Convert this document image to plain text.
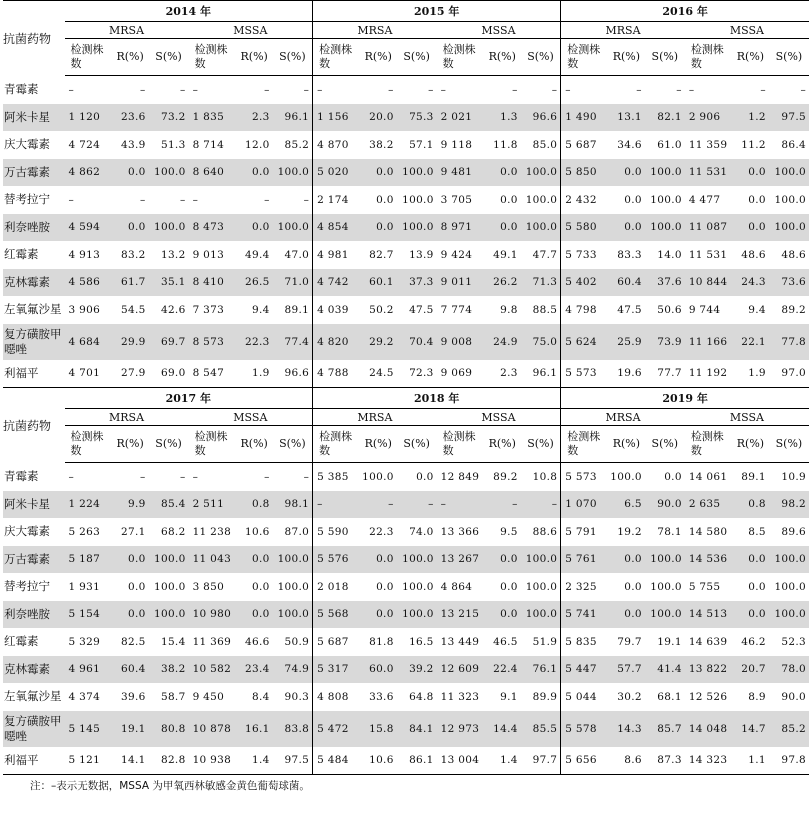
抗菌药物	2014 年						2015 年						2016 年					
	MRSA			MSSA			MRSA			MSSA			MRSA			MSSA		
	检测株数	R(%)	S(%)	检测株数	R(%)	S(%)	检测株数	R(%)	S(%)	检测株数	R(%)	S(%)	检测株数	R(%)	S(%)	检测株数	R(%)	S(%)
青霉素	–	–	–	–	–	–	–	–	–	–	–	–	–	–	–	–	–	–
阿米卡星	1 120	23.6	73.2	1 835	2.3	96.1	1 156	20.0	75.3	2 021	1.3	96.6	1 490	13.1	82.1	2 906	1.2	97.5
庆大霉素	4 724	43.9	51.3	8 714	12.0	85.2	4 870	38.2	57.1	9 118	11.8	85.0	5 687	34.6	61.0	11 359	11.2	86.4
万古霉素	4 862	0.0	100.0	8 640	0.0	100.0	5 020	0.0	100.0	9 481	0.0	100.0	5 850	0.0	100.0	11 531	0.0	100.0
替考拉宁	–	–	–	–	–	–	2 174	0.0	100.0	3 705	0.0	100.0	2 432	0.0	100.0	4 477	0.0	100.0
利奈唑胺	4 594	0.0	100.0	8 473	0.0	100.0	4 854	0.0	100.0	8 971	0.0	100.0	5 580	0.0	100.0	11 087	0.0	100.0
红霉素	4 913	83.2	13.2	9 013	49.4	47.0	4 981	82.7	13.9	9 424	49.1	47.7	5 733	83.3	14.0	11 531	48.6	48.6
克林霉素	4 586	61.7	35.1	8 410	26.5	71.0	4 742	60.1	37.3	9 011	26.2	71.3	5 402	60.4	37.6	10 844	24.3	73.6
左氧氟沙星	3 906	54.5	42.6	7 373	9.4	89.1	4 039	50.2	47.5	7 774	9.8	88.5	4 798	47.5	50.6	9 744	9.4	89.2
复方磺胺甲噁唑	4 684	29.9	69.7	8 573	22.3	77.4	4 820	29.2	70.4	9 008	24.9	75.0	5 624	25.9	73.9	11 166	22.1	77.8
利福平	4 701	27.9	69.0	8 547	1.9	96.6	4 788	24.5	72.3	9 069	2.3	96.1	5 573	19.6	77.7	11 192	1.9	97.0
抗菌药物	2017 年						2018 年						2019 年					
	MRSA			MSSA			MRSA			MSSA			MRSA			MSSA		
	检测株数	R(%)	S(%)	检测株数	R(%)	S(%)	检测株数	R(%)	S(%)	检测株数	R(%)	S(%)	检测株数	R(%)	S(%)	检测株数	R(%)	S(%)
青霉素	–	–	–	–	–	–	5 385	100.0	0.0	12 849	89.2	10.8	5 573	100.0	0.0	14 061	89.1	10.9
阿米卡星	1 224	9.9	85.4	2 511	0.8	98.1	–	–	–	–	–	–	1 070	6.5	90.0	2 635	0.8	98.2
庆大霉素	5 263	27.1	68.2	11 238	10.6	87.0	5 590	22.3	74.0	13 366	9.5	88.6	5 791	19.2	78.1	14 580	8.5	89.6
万古霉素	5 187	0.0	100.0	11 043	0.0	100.0	5 576	0.0	100.0	13 267	0.0	100.0	5 761	0.0	100.0	14 536	0.0	100.0
替考拉宁	1 931	0.0	100.0	3 850	0.0	100.0	2 018	0.0	100.0	4 864	0.0	100.0	2 325	0.0	100.0	5 755	0.0	100.0
利奈唑胺	5 154	0.0	100.0	10 980	0.0	100.0	5 568	0.0	100.0	13 215	0.0	100.0	5 741	0.0	100.0	14 513	0.0	100.0
红霉素	5 329	82.5	15.4	11 369	46.6	50.9	5 687	81.8	16.5	13 449	46.5	51.9	5 835	79.7	19.1	14 639	46.2	52.3
克林霉素	4 961	60.4	38.2	10 582	23.4	74.9	5 317	60.0	39.2	12 609	22.4	76.1	5 447	57.7	41.4	13 822	20.7	78.0
左氧氟沙星	4 374	39.6	58.7	9 450	8.4	90.3	4 808	33.6	64.8	11 323	9.1	89.9	5 044	30.2	68.1	12 526	8.9	90.0
复方磺胺甲噁唑	5 145	19.1	80.8	10 878	16.1	83.8	5 472	15.8	84.1	12 973	14.4	85.5	5 578	14.3	85.7	14 048	14.7	85.2
利福平	5 121	14.1	82.8	10 938	1.4	97.5	5 484	10.6	86.1	13 004	1.4	97.7	5 656	8.6	87.3	14 323	1.1	97.8
注：–表示无数据，MSSA 为甲氧西林敏感金黄色葡萄球菌。
